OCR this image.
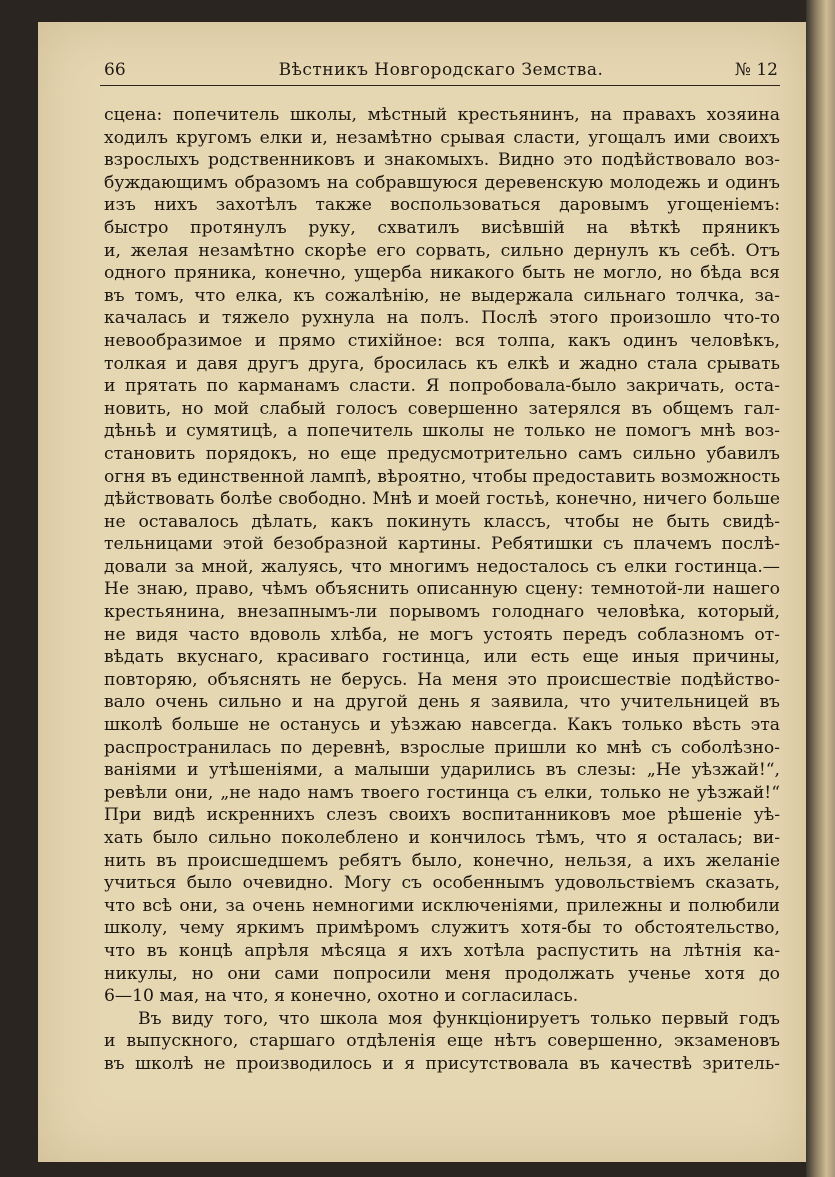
66	Вѣстникъ Новгородскаго Земства.	№ 12
сцена: попечитель школы, мѣстный крестьянинъ, на правахъ хозяина
ходилъ кругомъ елки и, незамѣтно срывая сласти, угощалъ ими своихъ
взрослыхъ родственниковъ и знакомыхъ. Видно это подѣйствовало воз-
буждающимъ образомъ на собравшуюся деревенскую молодежь и одинъ
изъ нихъ захотѣлъ также воспользоваться даровымъ угощенiемъ:
быстро протянулъ руку, схватилъ висѣвшiй на вѣткѣ пряникъ
и, желая незамѣтно скорѣе его сорвать, сильно дернулъ къ себѣ. Отъ
одного пряника, конечно, ущерба никакого быть не могло, но бѣда вся
въ томъ, что елка, къ сожалѣнiю, не выдержала сильнаго толчка, за-
качалась и тяжело рухнула на полъ. Послѣ этого произошло что-то
невообразимое и прямо стихiйное: вся толпа, какъ одинъ человѣкъ,
толкая и давя другъ друга, бросилась къ елкѣ и жадно стала срывать
и прятать по карманамъ сласти. Я попробовала-было закричать, оста-
новить, но мой слабый голосъ совершенно затерялся въ общемъ гал-
дѣньѣ и сумятицѣ, а попечитель школы не только не помогъ мнѣ воз-
становить порядокъ, но еще предусмотрительно самъ сильно убавилъ
огня въ единственной лампѣ, вѣроятно, чтобы предоставить возможность
дѣйствовать болѣе свободно. Мнѣ и моей гостьѣ, конечно, ничего больше
не оставалось дѣлать, какъ покинуть классъ, чтобы не быть свидѣ-
тельницами этой безобразной картины. Ребятишки съ плачемъ послѣ-
довали за мной, жалуясь, что многимъ недосталось съ елки гостинца.—
Не знаю, право, чѣмъ объяснить описанную сцену: темнотой-ли нашего
крестьянина, внезапнымъ-ли порывомъ голоднаго человѣка, который,
не видя часто вдоволь хлѣба, не могъ устоять передъ соблазномъ от-
вѣдать вкуснаго, красиваго гостинца, или есть еще иныя причины,
повторяю, объяснять не берусь. На меня это происшествiе подѣйство-
вало очень сильно и на другой день я заявила, что учительницей въ
школѣ больше не останусь и уѣзжаю навсегда. Какъ только вѣсть эта
распространилась по деревнѣ, взрослые пришли ко мнѣ съ соболѣзно-
ванiями и утѣшенiями, а малыши ударились въ слезы: „Не уѣзжай!“,
ревѣли они, „не надо намъ твоего гостинца съ елки, только не уѣзжай!“
При видѣ искреннихъ слезъ своихъ воспитанниковъ мое рѣшенiе уѣ-
хать было сильно поколеблено и кончилось тѣмъ, что я осталась; ви-
нить въ происшедшемъ ребятъ было, конечно, нельзя, а ихъ желанiе
учиться было очевидно. Могу съ особеннымъ удовольствiемъ сказать,
что всѣ они, за очень немногими исключенiями, прилежны и полюбили
школу, чему яркимъ примѣромъ служитъ хотя-бы то обстоятельство,
что въ концѣ апрѣля мѣсяца я ихъ хотѣла распустить на лѣтнiя ка-
никулы, но они сами попросили меня продолжать ученье хотя до
6—10 мая, на что, я конечно, охотно и согласилась.
Въ виду того, что школа моя функцiонируетъ только первый годъ
и выпускного, старшаго отдѣленiя еще нѣтъ совершенно, экзаменовъ
въ школѣ не производилось и я присутствовала въ качествѣ зритель-
